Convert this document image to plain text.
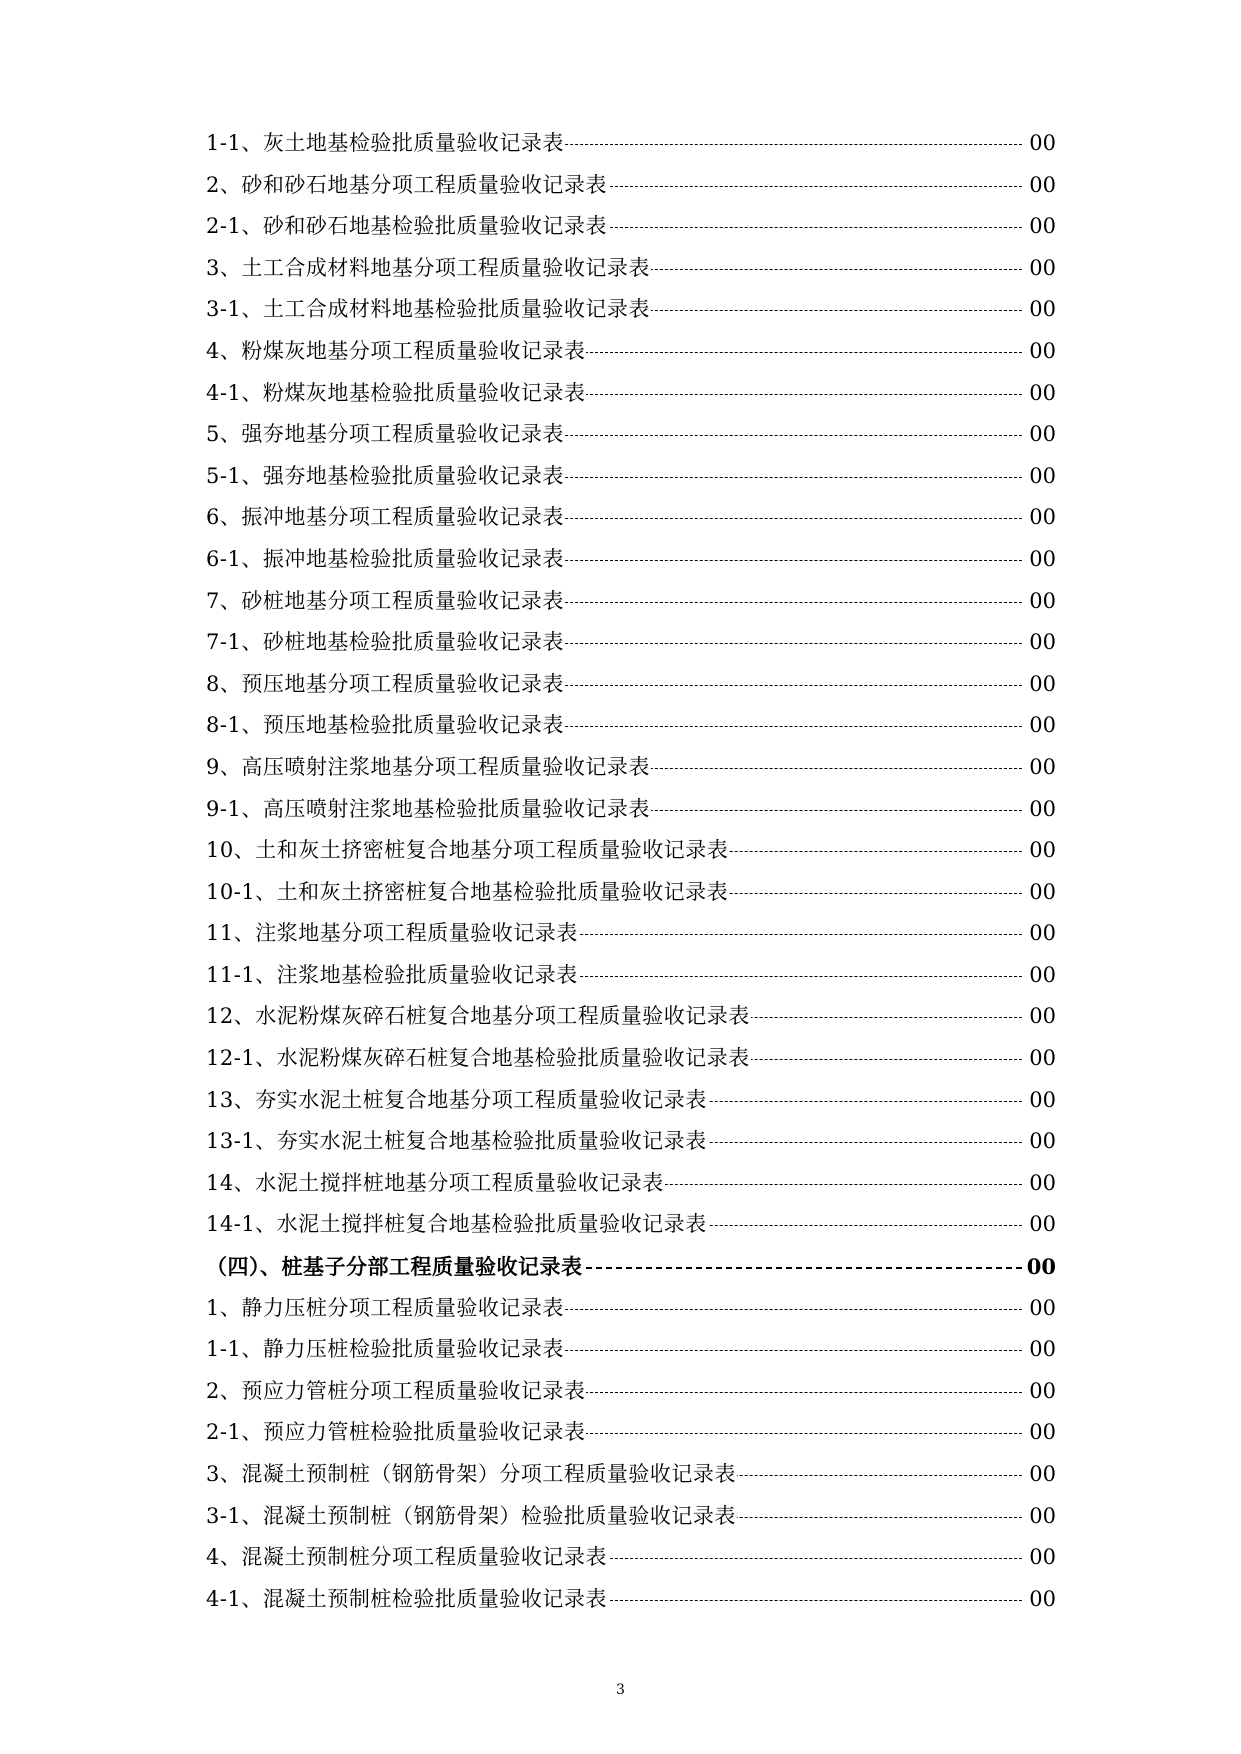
1-1、灰土地基检验批质量验收记录表	00
2、砂和砂石地基分项工程质量验收记录表	00
2-1、砂和砂石地基检验批质量验收记录表	00
3、土工合成材料地基分项工程质量验收记录表	00
3-1、土工合成材料地基检验批质量验收记录表	00
4、粉煤灰地基分项工程质量验收记录表	00
4-1、粉煤灰地基检验批质量验收记录表	00
5、强夯地基分项工程质量验收记录表	00
5-1、强夯地基检验批质量验收记录表	00
6、振冲地基分项工程质量验收记录表	00
6-1、振冲地基检验批质量验收记录表	00
7、砂桩地基分项工程质量验收记录表	00
7-1、砂桩地基检验批质量验收记录表	00
8、预压地基分项工程质量验收记录表	00
8-1、预压地基检验批质量验收记录表	00
9、高压喷射注浆地基分项工程质量验收记录表	00
9-1、高压喷射注浆地基检验批质量验收记录表	00
10、土和灰土挤密桩复合地基分项工程质量验收记录表	00
10-1、土和灰土挤密桩复合地基检验批质量验收记录表	00
11、注浆地基分项工程质量验收记录表	00
11-1、注浆地基检验批质量验收记录表	00
12、水泥粉煤灰碎石桩复合地基分项工程质量验收记录表	00
12-1、水泥粉煤灰碎石桩复合地基检验批质量验收记录表	00
13、夯实水泥土桩复合地基分项工程质量验收记录表	00
13-1、夯实水泥土桩复合地基检验批质量验收记录表	00
14、水泥土搅拌桩地基分项工程质量验收记录表	00
14-1、水泥土搅拌桩复合地基检验批质量验收记录表	00
（四）、桩基子分部工程质量验收记录表	00
1、静力压桩分项工程质量验收记录表	00
1-1、静力压桩检验批质量验收记录表	00
2、预应力管桩分项工程质量验收记录表	00
2-1、预应力管桩检验批质量验收记录表	00
3、混凝土预制桩（钢筋骨架）分项工程质量验收记录表	00
3-1、混凝土预制桩（钢筋骨架）检验批质量验收记录表	00
4、混凝土预制桩分项工程质量验收记录表	00
4-1、混凝土预制桩检验批质量验收记录表	00
3
